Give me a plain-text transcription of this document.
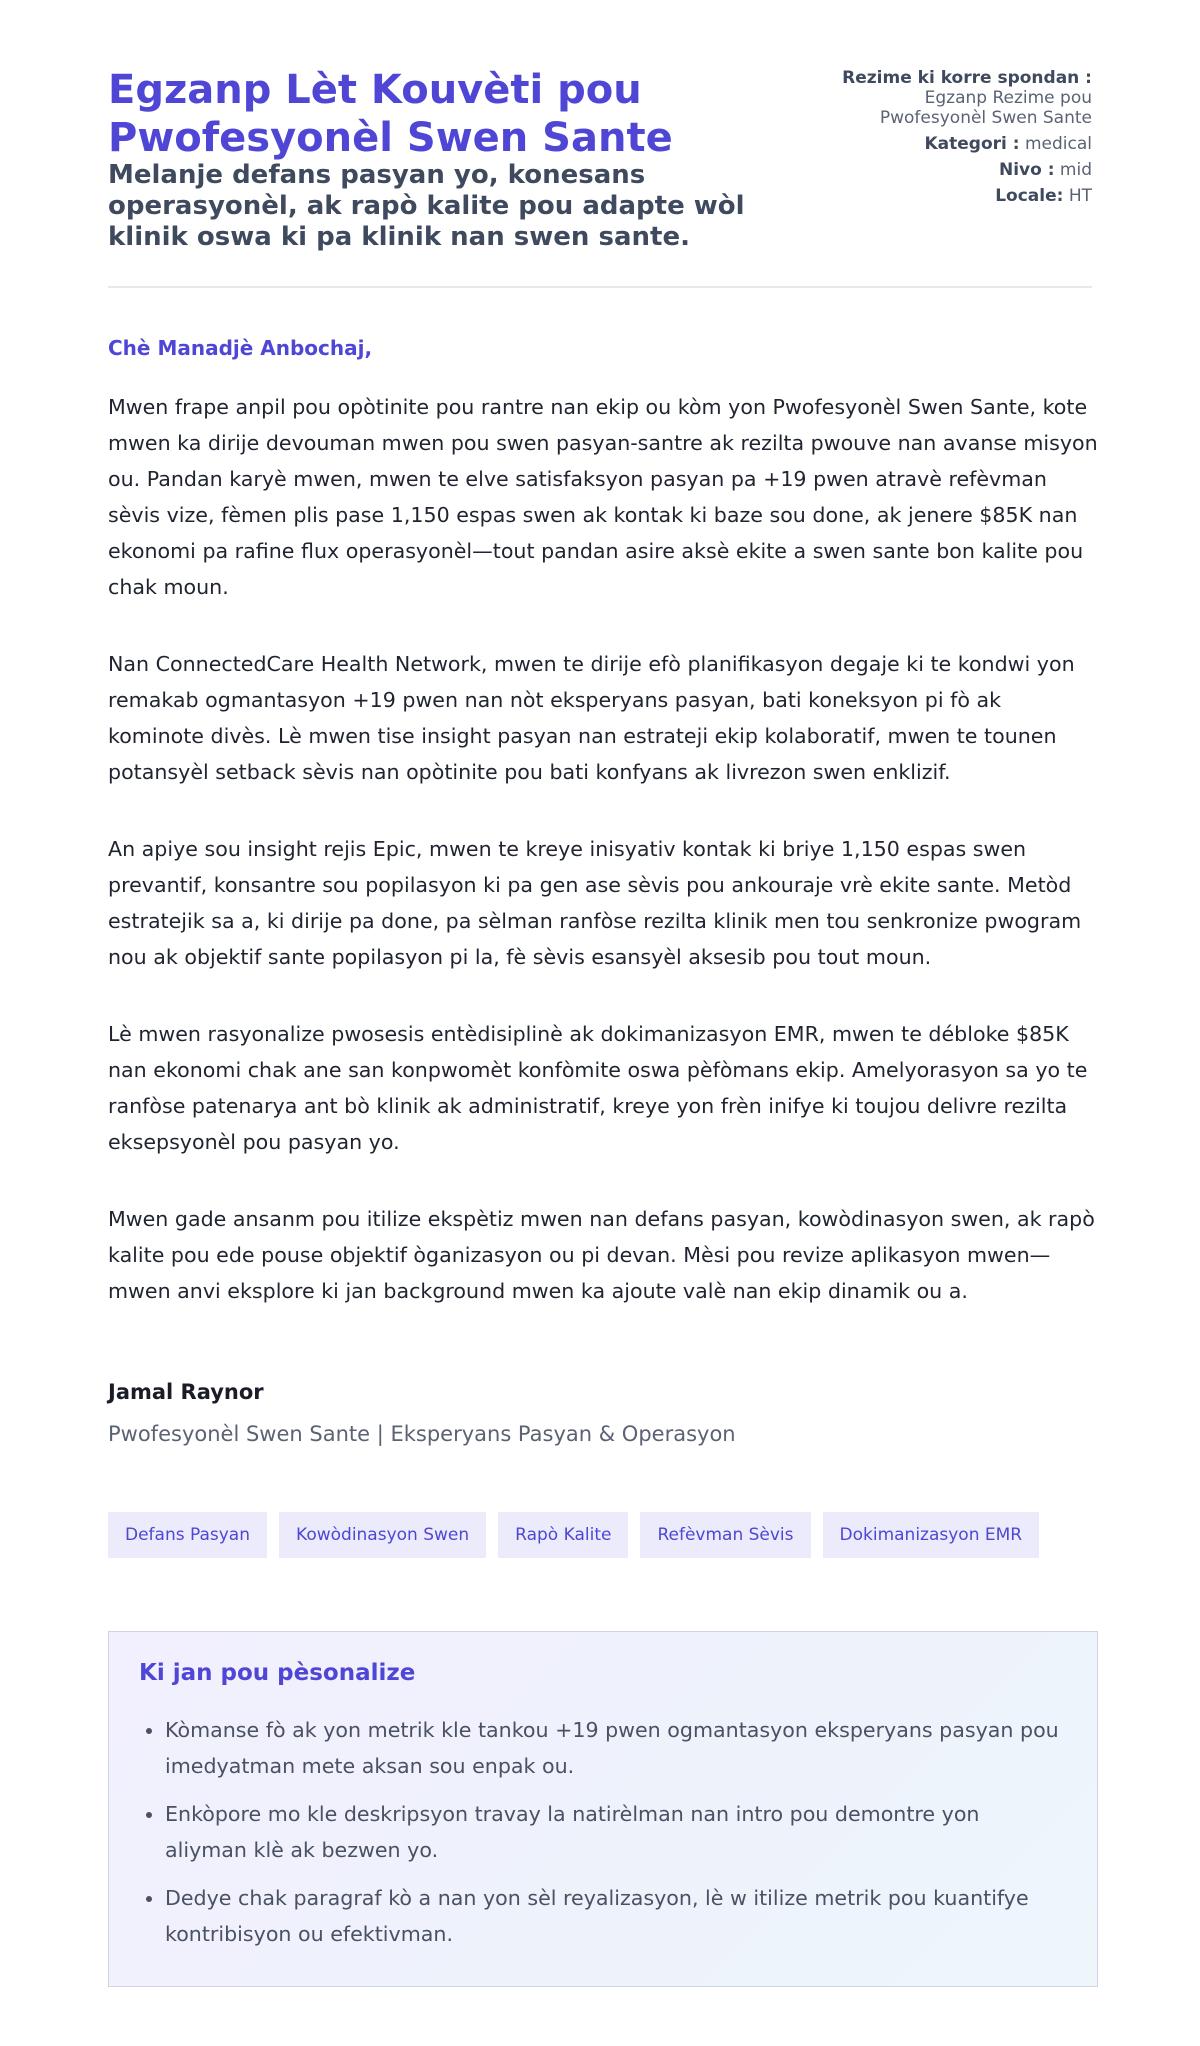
Egzanp Lèt Kouvèti pou Pwofesyonèl Swen Sante
Melanje defans pasyan yo, konesans operasyonèl, ak rapò kalite pou adapte wòl klinik oswa ki pa klinik nan swen sante.
Rezime ki korre spondan :
Egzanp Rezime pou
Pwofesyonèl Swen Sante
Kategori : medical
Nivo : mid
Locale: HT

Chè Manadjè Anbochaj,

Mwen frape anpil pou opòtinite pou rantre nan ekip ou kòm yon Pwofesyonèl Swen Sante, kote mwen ka dirije devouman mwen pou swen pasyan-santre ak rezilta pwouve nan avanse misyon ou. Pandan karyè mwen, mwen te elve satisfaksyon pasyan pa +19 pwen atravè refèvman sèvis vize, fèmen plis pase 1,150 espas swen ak kontak ki baze sou done, ak jenere $85K nan ekonomi pa rafine flux operasyonèl—tout pandan asire aksè ekite a swen sante bon kalite pou chak moun.

Nan ConnectedCare Health Network, mwen te dirije efò planifikasyon degaje ki te kondwi yon remakab ogmantasyon +19 pwen nan nòt eksperyans pasyan, bati koneksyon pi fò ak kominote divès. Lè mwen tise insight pasyan nan estrateji ekip kolaboratif, mwen te tounen potansyèl setback sèvis nan opòtinite pou bati konfyans ak livrezon swen enklizif.

An apiye sou insight rejis Epic, mwen te kreye inisyativ kontak ki briye 1,150 espas swen prevantif, konsantre sou popilasyon ki pa gen ase sèvis pou ankouraje vrè ekite sante. Metòd estratejik sa a, ki dirije pa done, pa sèlman ranfòse rezilta klinik men tou senkronize pwogram nou ak objektif sante popilasyon pi la, fè sèvis esansyèl aksesib pou tout moun.

Lè mwen rasyonalize pwosesis entèdisiplinè ak dokimanizasyon EMR, mwen te débloke $85K nan ekonomi chak ane san konpwomèt konfòmite oswa pèfòmans ekip. Amelyorasyon sa yo te ranfòse patenarya ant bò klinik ak administratif, kreye yon frèn inifye ki toujou delivre rezilta eksepsyonèl pou pasyan yo.

Mwen gade ansanm pou itilize ekspètiz mwen nan defans pasyan, kowòdinasyon swen, ak rapò kalite pou ede pouse objektif òganizasyon ou pi devan. Mèsi pou revize aplikasyon mwen—mwen anvi eksplore ki jan background mwen ka ajoute valè nan ekip dinamik ou a.

Jamal Raynor

Pwofesyonèl Swen Sante | Eksperyans Pasyan & Operasyon

Defans Pasyan	Kowòdinasyon Swen	Rapò Kalite	Refèvman Sèvis	Dokimanizasyon EMR
Ki jan pou pèsonalize
• Kòmanse fò ak yon metrik kle tankou +19 pwen ogmantasyon eksperyans pasyan pou imedyatman mete aksan sou enpak ou.
• Enkòpore mo kle deskripsyon travay la natirèlman nan intro pou demontre yon aliyman klè ak bezwen yo.
• Dedye chak paragraf kò a nan yon sèl reyalizasyon, lè w itilize metrik pou kuantifye kontribisyon ou efektivman.
